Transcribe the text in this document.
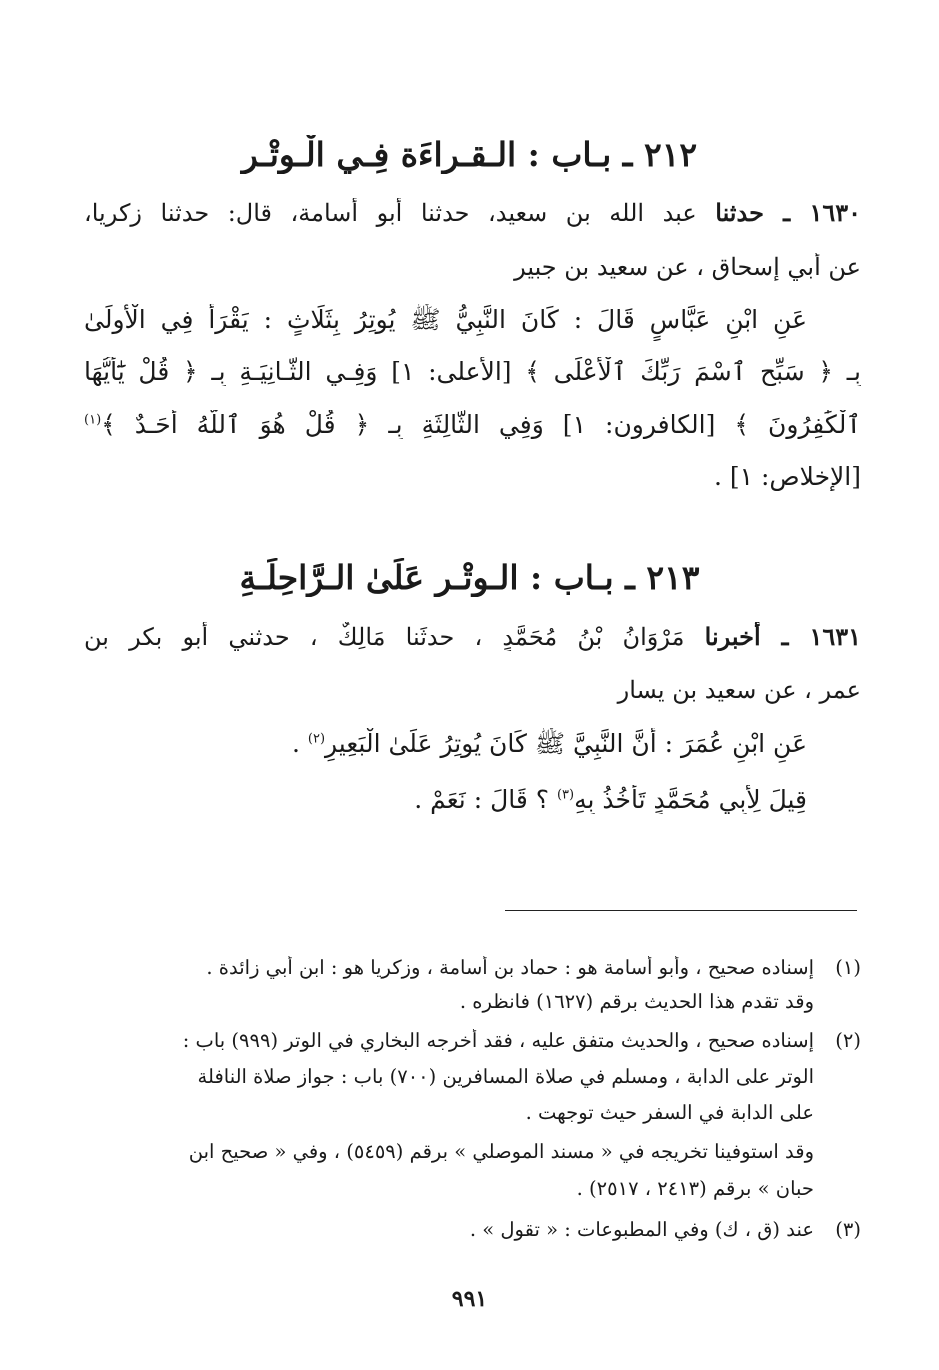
٢١٢ ـ بـاب : الـقـراءَة فِـي الْـوِتْـرِ
١٦٣٠ ـ حدثنا عبد الله بن سعيد، حدثنا أبو أسامة، قال: حدثنا زكريا،
عن أبي إسحاق ، عن سعيد بن جبير
عَنِ ابْنِ عَبَّاسٍ قَالَ : كَانَ النَّبِيُّ ﷺ يُوتِرُ بِثَلَاثٍ : يَقْرَأُ فِي الْأُولَىٰ
بِـ ﴿ سَبِّحِ ٱسْمَ رَبِّكَ ٱلْأَعْلَى ﴾ [الأعلى: ١] وَفِـي الثَّـانِيَـةِ بِـ ﴿ قُلْ يَٰٓأَيُّهَا
ٱلْكَٰفِرُونَ ﴾ [الكافرون: ١] وَفِي الثَّالِثَةِ بِـ ﴿ قُلْ هُوَ ٱللَّهُ أَحَـدٌ ﴾$^{(١)}$
[الإخلاص: ١] .
٢١٣ ـ بـاب : الـوِتْـرِ عَلَىٰ الـرَّاحِلَـةِ
١٦٣١ ـ أخبرنا مَرْوَانُ بْنُ مُحَمَّدٍ ، حدثَنا مَالِكٌ ، حدثني أبو بكر بن
عمر ، عن سعيد بن يسار
عَنِ ابْنِ عُمَرَ : أَنَّ النَّبِيَّ ﷺ كَانَ يُوتِرُ عَلَىٰ الْبَعِيرِ$^{(٢)}$ .
قِيلَ لِأَبِي مُحَمَّدٍ تَأْخُذُ بِهِ$^{(٣)}$ ؟ قَالَ : نَعَمْ .
(١)
إسناده صحيح ، وأبو أسامة هو : حماد بن أسامة ، وزكريا هو : ابن أبي زائدة .
وقد تقدم هذا الحديث برقم (١٦٢٧) فانظره .
(٢)
إسناده صحيح ، والحديث متفق عليه ، فقد أخرجه البخاري في الوتر (٩٩٩) باب :
الوتر على الدابة ، ومسلم في صلاة المسافرين (٧٠٠) باب : جواز صلاة النافلة
على الدابة في السفر حيث توجهت .
وقد استوفينا تخريجه في « مسند الموصلي » برقم (٥٤٥٩) ، وفي « صحيح ابن
حبان » برقم (٢٤١٣ ، ٢٥١٧) .
(٣)
عند (ق ، ك) وفي المطبوعات : « تقول » .
٩٩١
